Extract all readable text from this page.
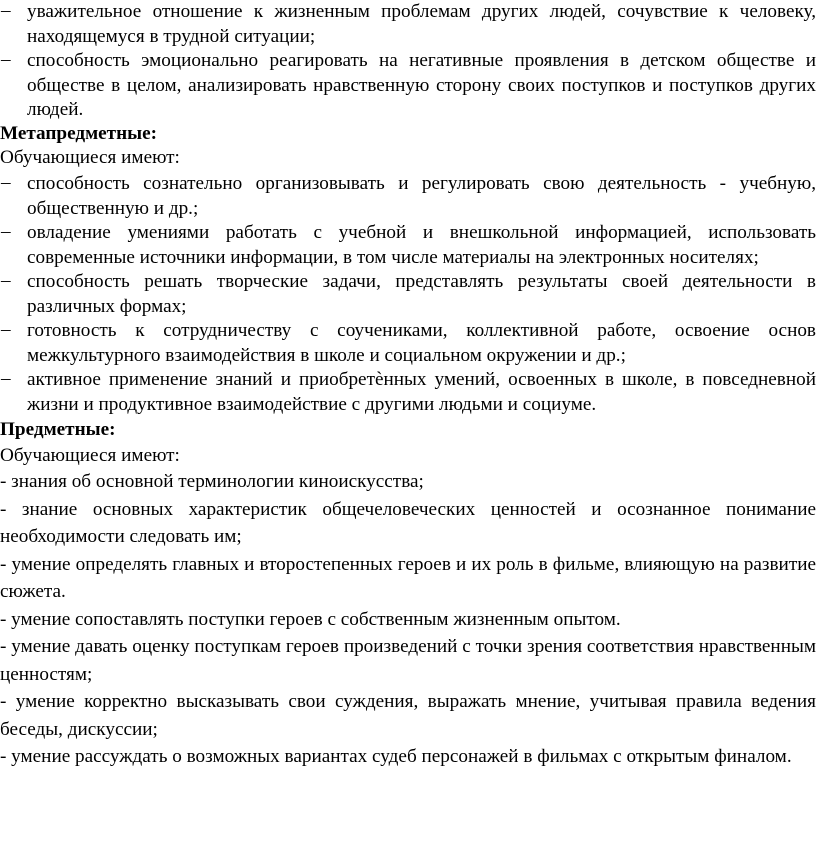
– уважительное отношение к жизненным проблемам других людей, сочувствие к человеку, находящемуся в трудной ситуации;
– способность эмоционально реагировать на негативные проявления в детском обществе и обществе в целом, анализировать нравственную сторону своих поступков и поступков других людей.
Метапредметные:
Обучающиеся имеют:
– способность сознательно организовывать и регулировать свою деятельность - учебную, общественную и др.;
– овладение умениями работать с учебной и внешкольной информацией, использовать современные источники информации, в том числе материалы на электронных носителях;
– способность решать творческие задачи, представлять результаты своей деятельности в различных формах;
– готовность к сотрудничеству с соучениками, коллективной работе, освоение основ межкультурного взаимодействия в школе и социальном окружении и др.;
– активное применение знаний и приобретѐнных умений, освоенных в школе, в повседневной жизни и продуктивное взаимодействие с другими людьми и социуме.
Предметные:
Обучающиеся имеют:

- знания об основной терминологии киноискусства;

- знание основных характеристик общечеловеческих ценностей и осознанное понимание необходимости следовать им;

- умение определять главных и второстепенных героев и их роль в фильме, влияющую на развитие сюжета.

- умение сопоставлять поступки героев с собственным жизненным опытом.

- умение давать оценку поступкам героев произведений с точки зрения соответствия нравственным ценностям;

- умение корректно высказывать свои суждения, выражать мнение, учитывая правила ведения беседы, дискуссии;

- умение рассуждать о возможных вариантах судеб персонажей в фильмах с открытым финалом.
